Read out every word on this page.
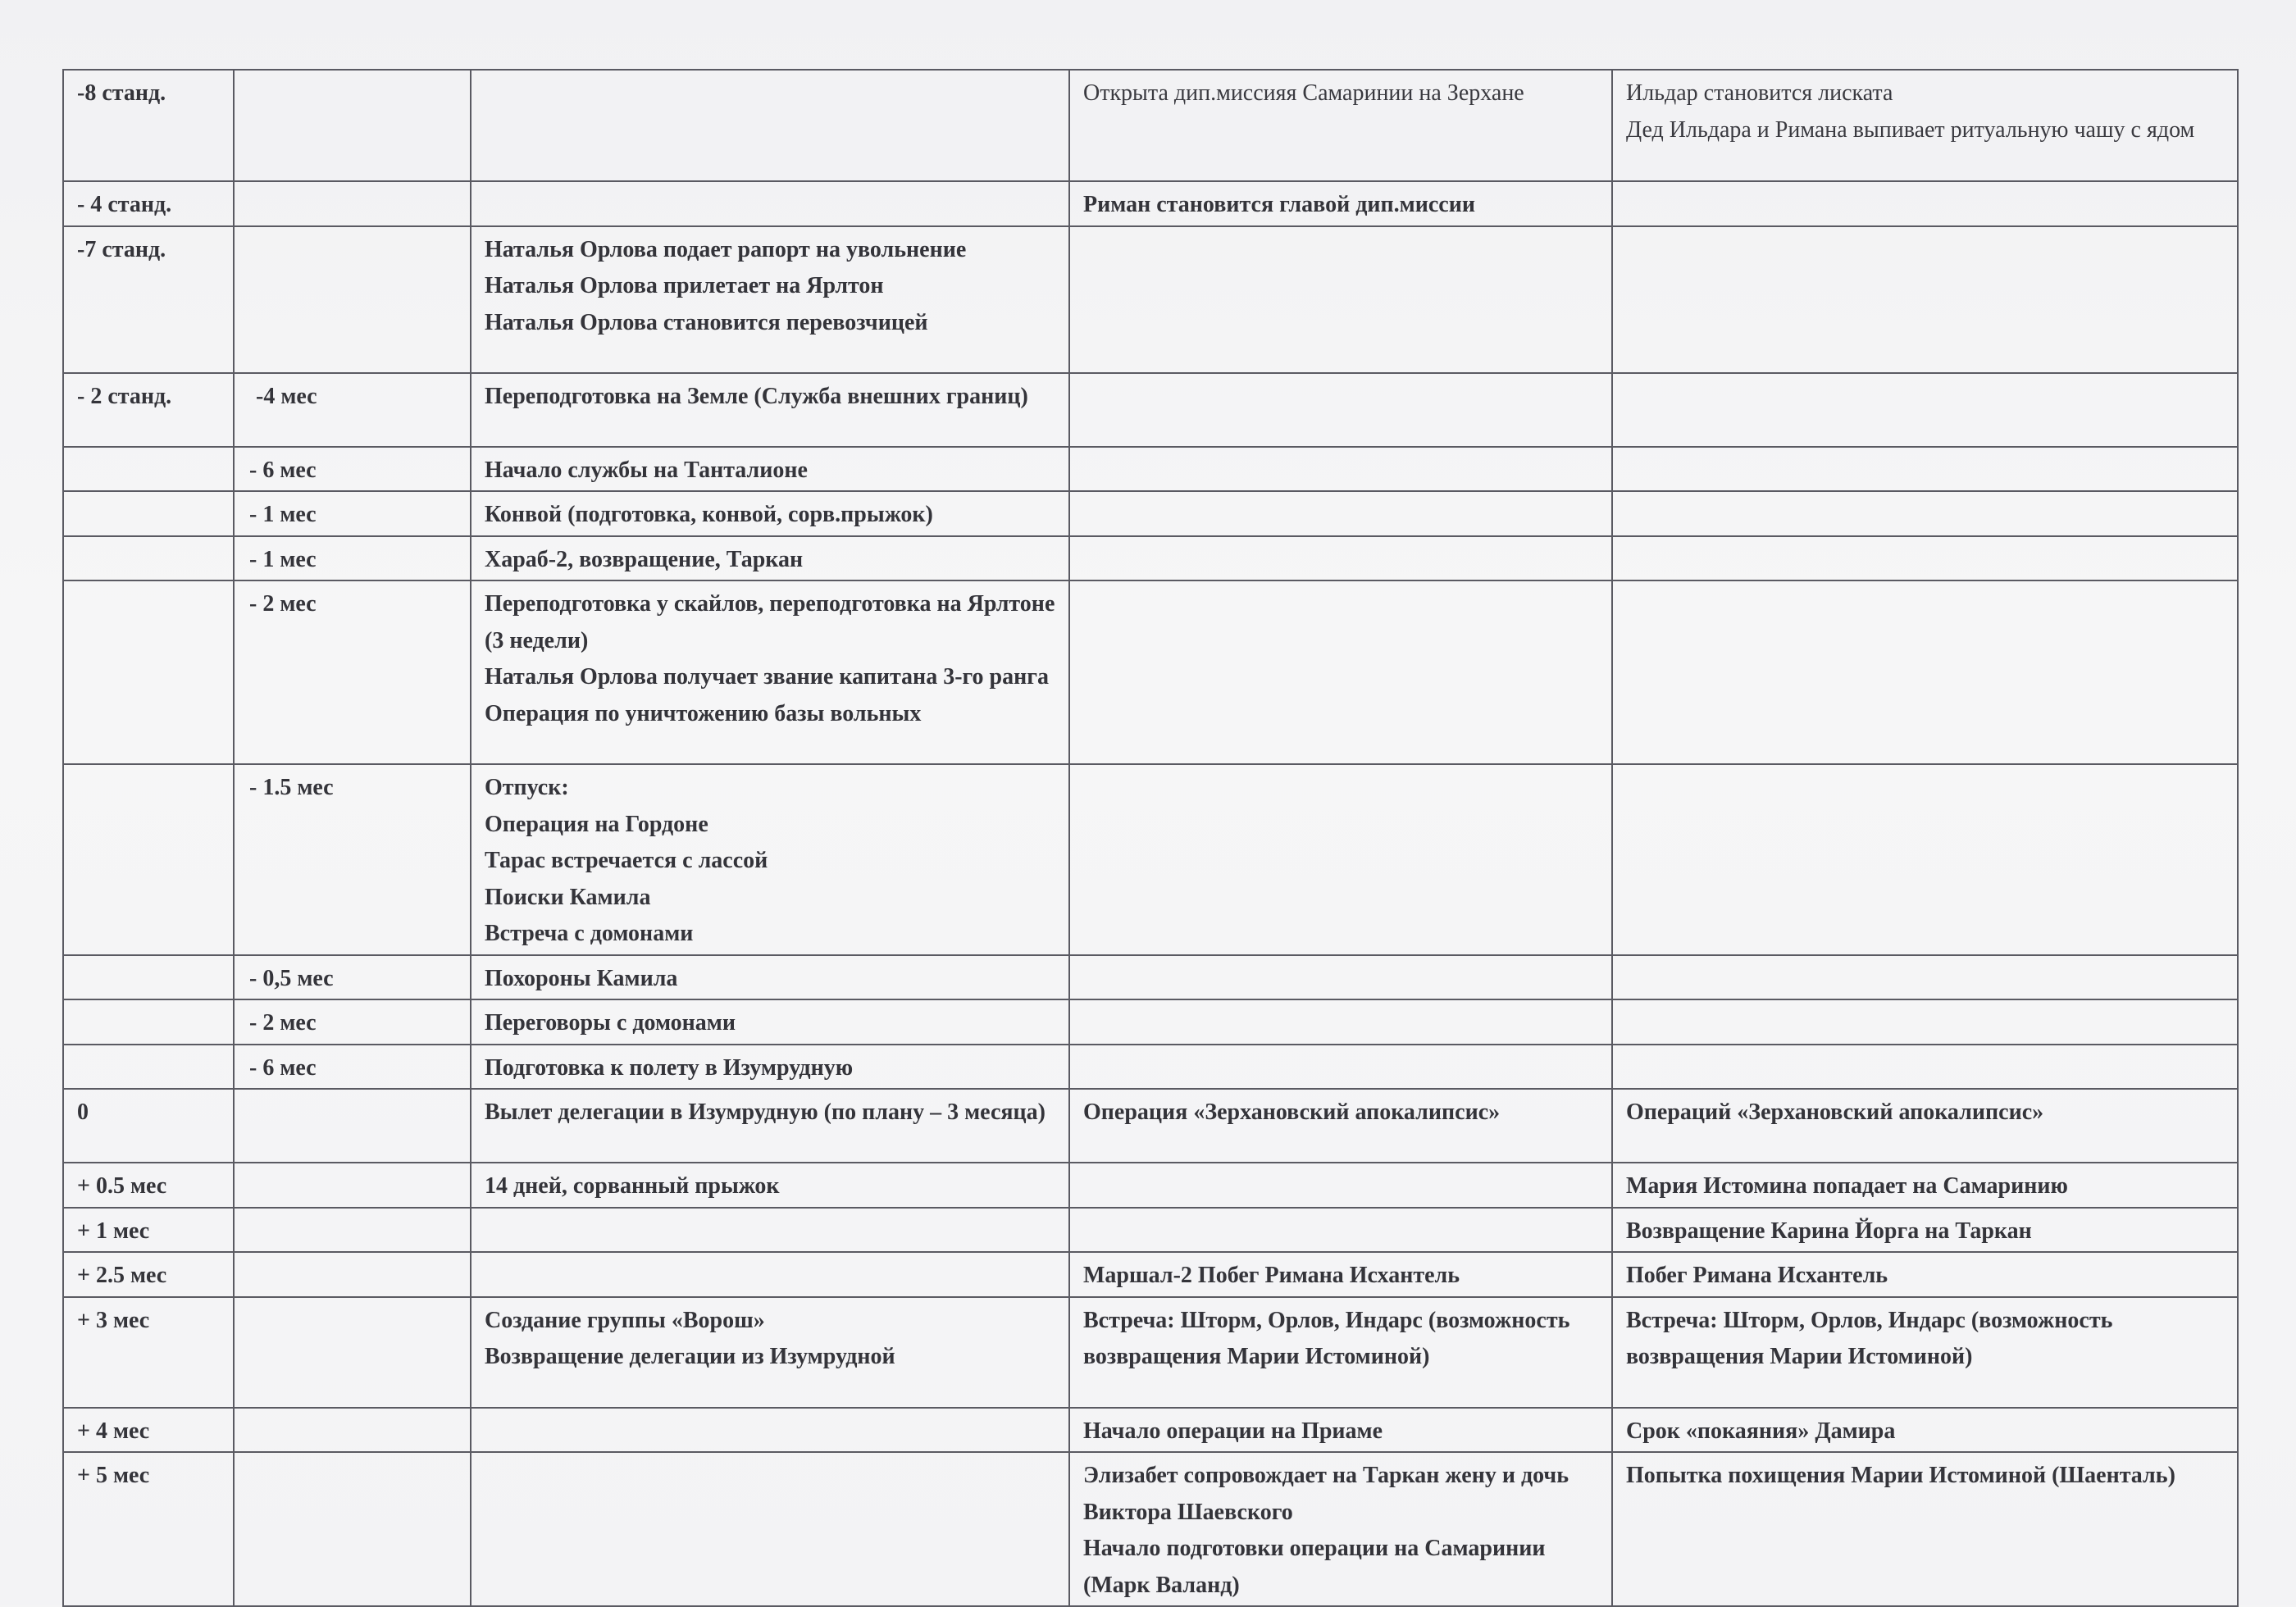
-8 станд.			Открыта дип.миссияя Самаринии на Зерхане	Ильдар становится лиската
Дед Ильдара и Римана выпивает ритуальную чашу с ядом

- 4 станд.			Риман становится главой дип.миссии	

-7 станд.		Наталья Орлова подает рапорт на увольнение
Наталья Орлова прилетает на Ярлтон
Наталья Орлова становится перевозчицей		

- 2 станд.	-4 мес	Переподготовка на Земле (Служба внешних границ)		

	- 6 мес	Начало службы на Танталионе		

	- 1 мес	Конвой (подготовка, конвой, сорв.прыжок)		

	- 1 мес	Хараб-2, возвращение, Таркан		

	- 2 мес	Переподготовка у скайлов, переподготовка на Ярлтоне (3 недели)
Наталья Орлова получает звание капитана 3-го ранга
Операция по уничтожению базы вольных		

	- 1.5 мес	Отпуск:
Операция на Гордоне
Тарас встречается с лассой
Поиски Камила
Встреча с домонами		

	- 0,5 мес	Похороны Камила		

	- 2 мес	Переговоры с домонами		

	- 6 мес	Подготовка к полету в Изумрудную		

0		Вылет делегации в Изумрудную (по плану – 3 месяца)	Операция «Зерхановский апокалипсис»	Операций «Зерхановский апокалипсис»

+ 0.5 мес		14 дней, сорванный прыжок		Мария Истомина попадает на Самаринию

+ 1 мес				Возвращение Карина Йорга на Таркан

+ 2.5 мес			Маршал-2 Побег Римана Исхантель	Побег Римана Исхантель

+ 3 мес		Создание группы «Ворош»
Возвращение делегации из Изумрудной	Встреча: Шторм, Орлов, Индарс (возможность возвращения Марии Истоминой)	Встреча: Шторм, Орлов, Индарс (возможность возвращения Марии Истоминой)

+ 4 мес			Начало операции на Приаме	Срок «покаяния» Дамира

+ 5 мес			Элизабет сопровождает на Таркан жену и дочь Виктора Шаевского
Начало подготовки операции на Самаринии (Марк Валанд)	Попытка похищения Марии Истоминой (Шаенталь)
